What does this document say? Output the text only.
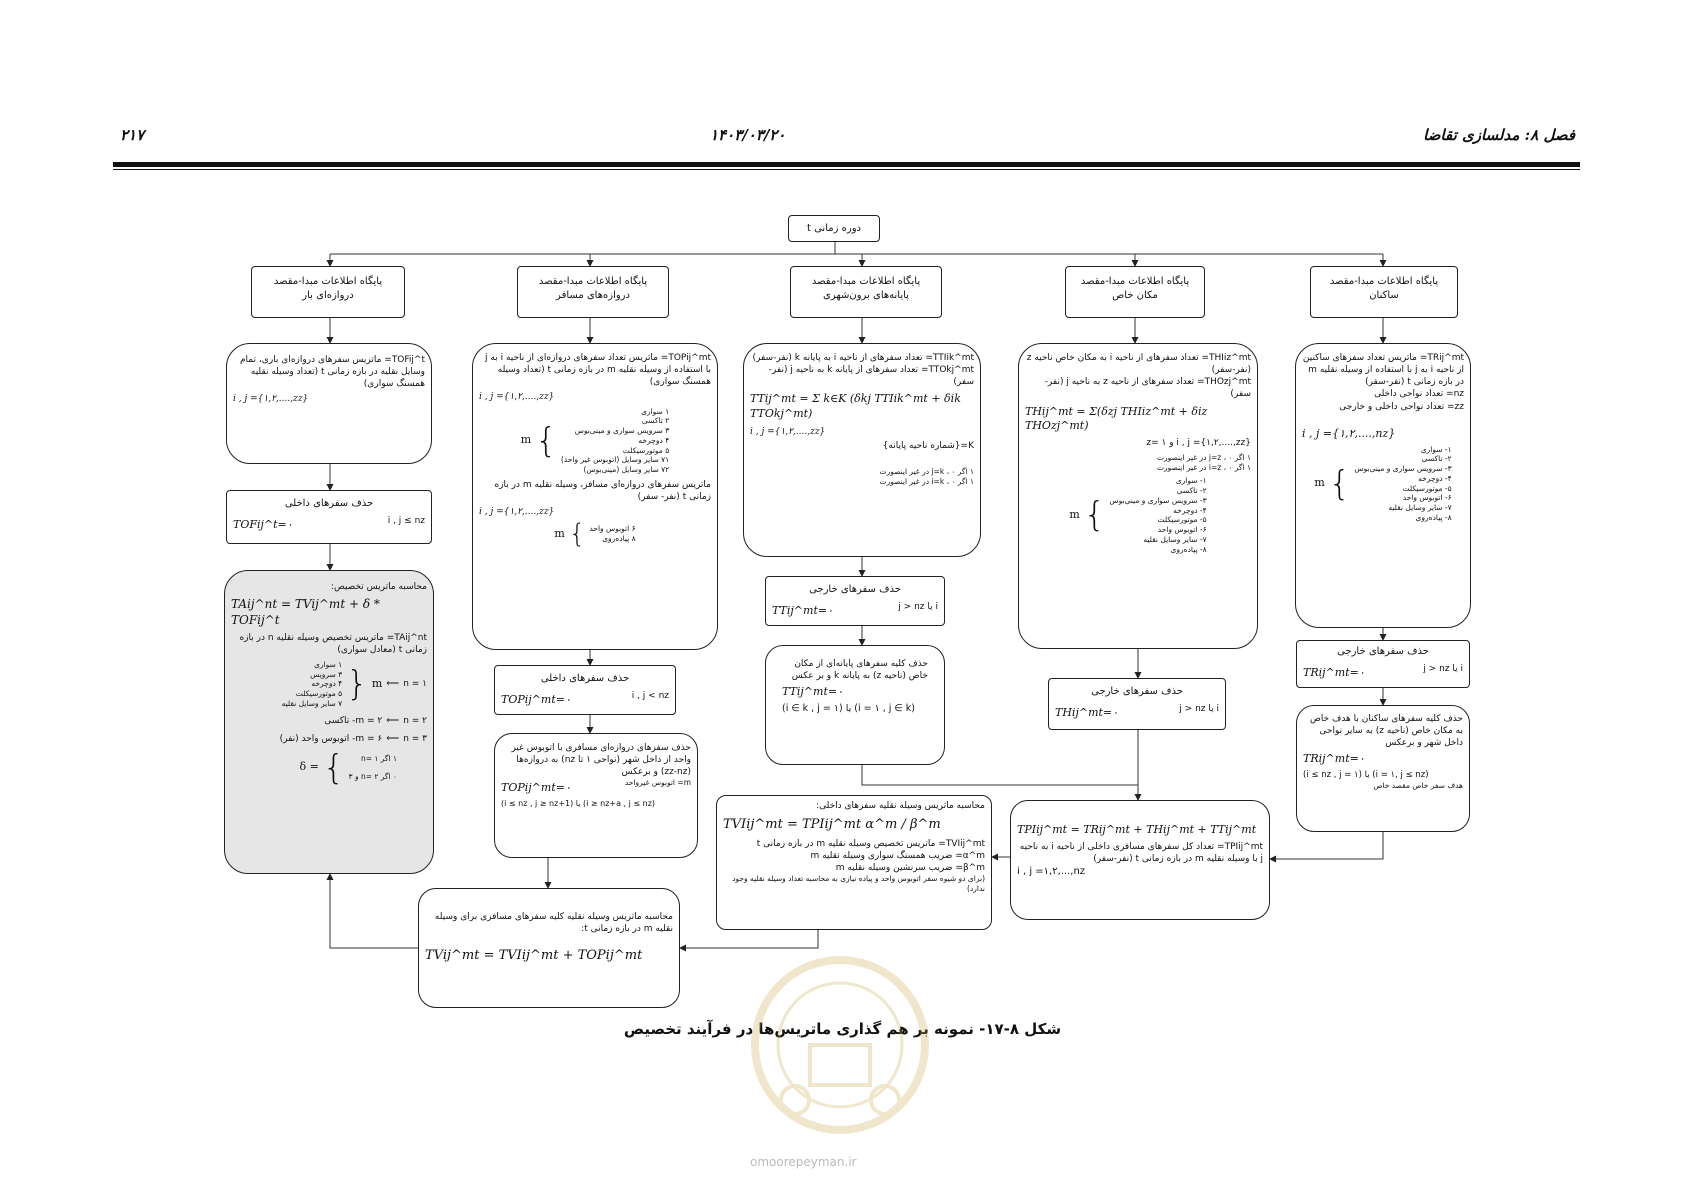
فصل ۸: مدلسازی تقاضا
۱۴۰۳/۰۳/۲۰
۲۱۷
دوره زمانی t
پایگاه اطلاعات مبدا-مقصد
دروازه‌ای بار
پایگاه اطلاعات مبدا-مقصد
دروازه‌های مسافر
پایگاه اطلاعات مبدا-مقصد
پایانه‌های برون‌شهری
پایگاه اطلاعات مبدا-مقصد
مکان خاص
پایگاه اطلاعات مبدا-مقصد
ساکنان
TRij^mt= ماتریس تعداد سفرهای ساکنین از ناحیه i به j با استفاده از وسیله نقلیه m در بازه زمانی t (نفر-سفر)
nz= تعداد نواحی داخلی
zz= تعداد نواحی داخلی و خارجی
i , j ={۱,۲,....,nz}
۱- سواری
۲- تاکسی
۳- سرویس سواری و مینی‌بوس
۴- دوچرخه
۵- موتورسیکلت
۶- اتوبوس واحد
۷- سایر وسایل نقلیه
۸- پیاده‌روی
}
m
حذف سفرهای خارجی
TRij^mt=۰	i یا j > nz
حذف کلیه سفرهای ساکنان با هدف خاص به مکان خاص (ناحیه z) به سایر نواحی داخل شهر و برعکس
TRij^mt=۰
(i ≤ nz , j = ۱) یا (i = ۱, j ≤ nz)
هدف سفر خاص مقصد خاص
THIiz^mt= تعداد سفرهای از ناحیه i به مکان خاص ناحیه z (نفر-سفر)
THOzj^mt= تعداد سفرهای از ناحیه z به ناحیه j (نفر-سفر)
THij^mt = Σ(δzj THIiz^mt + δiz THOzj^mt)
i , j ={۱,۲,....,zz} و z= ۱
۱ اگر j=z ، ۰ در غیر اینصورت
۱ اگر i=z ، ۰ در غیر اینصورت
۱- سواری
۲- تاکسی
۳- سرویس سواری و مینی‌بوس
۴- دوچرخه
۵- موتورسیکلت
۶- اتوبوس واحد
۷- سایر وسایل نقلیه
۸- پیاده‌روی
}
m
حذف سفرهای خارجی
THij^mt=۰	i یا j > nz
TTIik^mt= تعداد سفرهای از ناحیه i به پایانه k (نفر-سفر)
TTOkj^mt= تعداد سفرهای از پایانه k به ناحیه j (نفر-سفر)
TTij^mt = Σ k∈K (δkj TTIik^mt + δik TTOkj^mt)
i , j ={۱,۲,....,zz}
K={شماره ناحیه پایانه}
۱ اگر j=k ، ۰ در غیر اینصورت
۱ اگر i=k ، ۰ در غیر اینصورت
حذف سفرهای خارجی
TTij^mt=۰	i یا j > nz
حذف کلیه سفرهای پایانه‌ای از مکان خاص (ناحیه z) به پایانه k و بر عکس
TTij^mt=۰
(i ∈ k , j = ۱) یا (i = ۱ , j ∈ k)
TOPij^mt= ماتریس تعداد سفرهای دروازه‌ای از ناحیه i به j با استفاده از وسیله نقلیه m در بازه زمانی t (تعداد وسیله همسنگ سواری)
i , j ={۱,۲,....,zz}
۱ سواری
۲ تاکسی
۳ سرویس سواری و مینی‌بوس
۴ دوچرخه
۵ موتورسیکلت
۷۱ سایر وسایل (اتوبوس غیر واحد)
۷۲ سایر وسایل (مینی‌بوس)
}
m
ماتریس سفرهای دروازه‌ای مسافر، وسیله نقلیه m در بازه زمانی t (نفر- سفر)
i , j ={۱,۲,....,zz}
۶ اتوبوس واحد
۸ پیاده‌روی
}
m
حذف سفرهای داخلی
TOPij^mt=۰	i , j < nz
حذف سفرهای دروازه‌ای مسافری با اتوبوس غیر واحد از داخل شهر (نواحی ۱ تا nz) به دروازه‌ها (zz-nz) و برعکس
TOPij^mt=۰	m= اتوبوس غیرواحد
(i ≤ nz , j ≥ nz+1) یا (i ≥ nz+a , j ≤ nz)
TOFij^t= ماتریس سفرهای دروازه‌ای باری، تمام وسایل نقلیه در بازه زمانی t (تعداد وسیله نقلیه همسنگ سواری)
i , j ={۱,۲,....,zz}
حذف سفرهای داخلی
TOFij^t=۰	i , j ≤ nz
محاسبه ماتریس تخصیص:
TAij^nt = TVij^mt + δ * TOFij^t
TAij^nt= ماتریس تخصیص وسیله نقلیه n در بازه زمانی t (معادل سواری)
n = ۱
⟸
m
{
۱ سواری
۳ سرویس
۴ دوچرخه
۵ موتورسیکلت
۷ سایر وسایل نقلیه
n = ۲
⟸
m = ۲- تاکسی
n = ۳
⟸
m = ۶- اتوبوس واحد (نفر)
۱ اگر n= ۱
۰ اگر n= ۲ و ۳
}
δ =
TPIij^mt = TRij^mt + THij^mt + TTij^mt
TPIij^mt= تعداد کل سفرهای مسافری داخلی از ناحیه i به ناحیه j با وسیله نقلیه m در بازه زمانی t (نفر-سفر)
i , j =۱,۲,...,nz
محاسبه ماتریس وسیله نقلیه سفرهای داخلی:
TVIij^mt = TPIij^mt α^m / β^m
TVIij^mt= ماتریس تخصیص وسیله نقلیه m در بازه زمانی t
α^m= ضریب همسنگ سواری وسیله نقلیه m
β^m= ضریب سرنشین وسیله نقلیه m
(برای دو شیوه سفر اتوبوس واحد و پیاده نیازی به محاسبه تعداد وسیله نقلیه وجود ندارد)
محاسبه ماتریس وسیله نقلیه کلیه سفرهای مسافری برای وسیله نقلیه m در بازه زمانی t:
TVij^mt = TVIij^mt + TOPij^mt
شکل ۸-۱۷- نمونه بر هم گذاری ماتریس‌ها در فرآیند تخصیص
omoorepeyman.ir
